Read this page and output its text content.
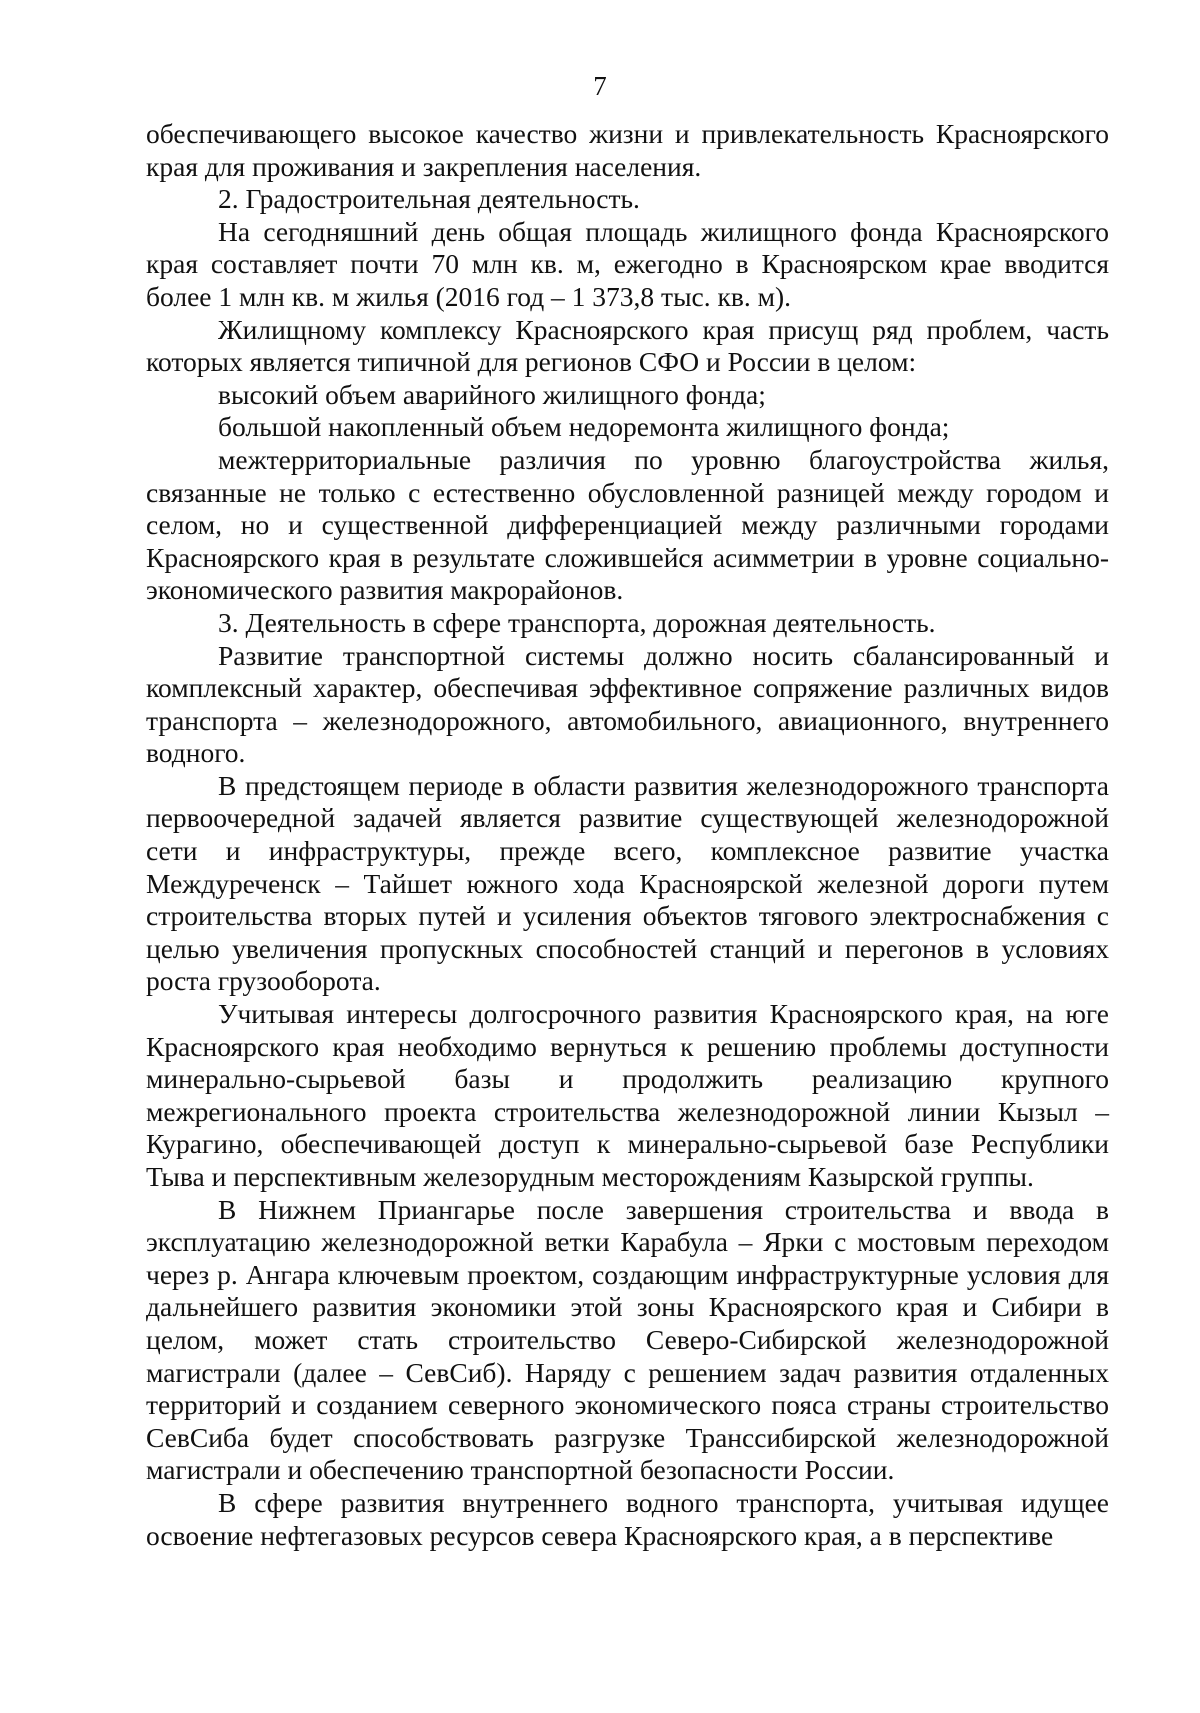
7

обеспечивающего высокое качество жизни и привлекательность Красноярского края для проживания и закрепления населения.

2. Градостроительная деятельность.

На сегодняшний день общая площадь жилищного фонда Красноярского края составляет почти 70 млн кв. м, ежегодно в Красноярском крае вводится более 1 млн кв. м жилья (2016 год – 1 373,8 тыс. кв. м).

Жилищному комплексу Красноярского края присущ ряд проблем, часть которых является типичной для регионов СФО и России в целом:

высокий объем аварийного жилищного фонда;

большой накопленный объем недоремонта жилищного фонда;

межтерриториальные различия по уровню благоустройства жилья, связанные не только с естественно обусловленной разницей между городом и селом, но и существенной дифференциацией между различными городами Красноярского края в результате сложившейся асимметрии в уровне социально-экономического развития макрорайонов.

3. Деятельность в сфере транспорта, дорожная деятельность.

Развитие транспортной системы должно носить сбалансированный и комплексный характер, обеспечивая эффективное сопряжение различных видов транспорта – железнодорожного, автомобильного, авиационного, внутреннего водного.

В предстоящем периоде в области развития железнодорожного транспорта первоочередной задачей является развитие существующей железнодорожной сети и инфраструктуры, прежде всего, комплексное развитие участка Междуреченск – Тайшет южного хода Красноярской железной дороги путем строительства вторых путей и усиления объектов тягового электроснабжения с целью увеличения пропускных способностей станций и перегонов в условиях роста грузооборота.

Учитывая интересы долгосрочного развития Красноярского края, на юге Красноярского края необходимо вернуться к решению проблемы доступности минерально-сырьевой базы и продолжить реализацию крупного межрегионального проекта строительства железнодорожной линии Кызыл – Курагино, обеспечивающей доступ к минерально-сырьевой базе Республики Тыва и перспективным железорудным месторождениям Казырской группы.

В Нижнем Приангарье после завершения строительства и ввода в эксплуатацию железнодорожной ветки Карабула – Ярки с мостовым переходом через р. Ангара ключевым проектом, создающим инфраструктурные условия для дальнейшего развития экономики этой зоны Красноярского края и Сибири в целом, может стать строительство Северо-Сибирской железнодорожной магистрали (далее – СевСиб). Наряду с решением задач развития отдаленных территорий и созданием северного экономического пояса страны строительство СевСиба будет способствовать разгрузке Транссибирской железнодорожной магистрали и обеспечению транспортной безопасности России.

В сфере развития внутреннего водного транспорта, учитывая идущее освоение нефтегазовых ресурсов севера Красноярского края, а в перспективе
